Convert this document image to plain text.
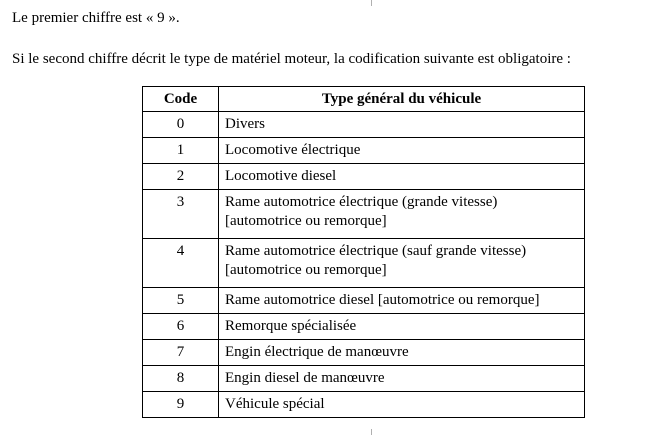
Le premier chiffre est « 9 ».
Si le second chiffre décrit le type de matériel moteur, la codification suivante est obligatoire :
Code	Type général du véhicule
0	Divers
1	Locomotive électrique
2	Locomotive diesel
3	Rame automotrice électrique (grande vitesse)
[automotrice ou remorque]

4	Rame automotrice électrique (sauf grande vitesse)
[automotrice ou remorque]

5	Rame automotrice diesel [automotrice ou remorque]
6	Remorque spécialisée
7	Engin électrique de manœuvre
8	Engin diesel de manœuvre
9	Véhicule spécial
